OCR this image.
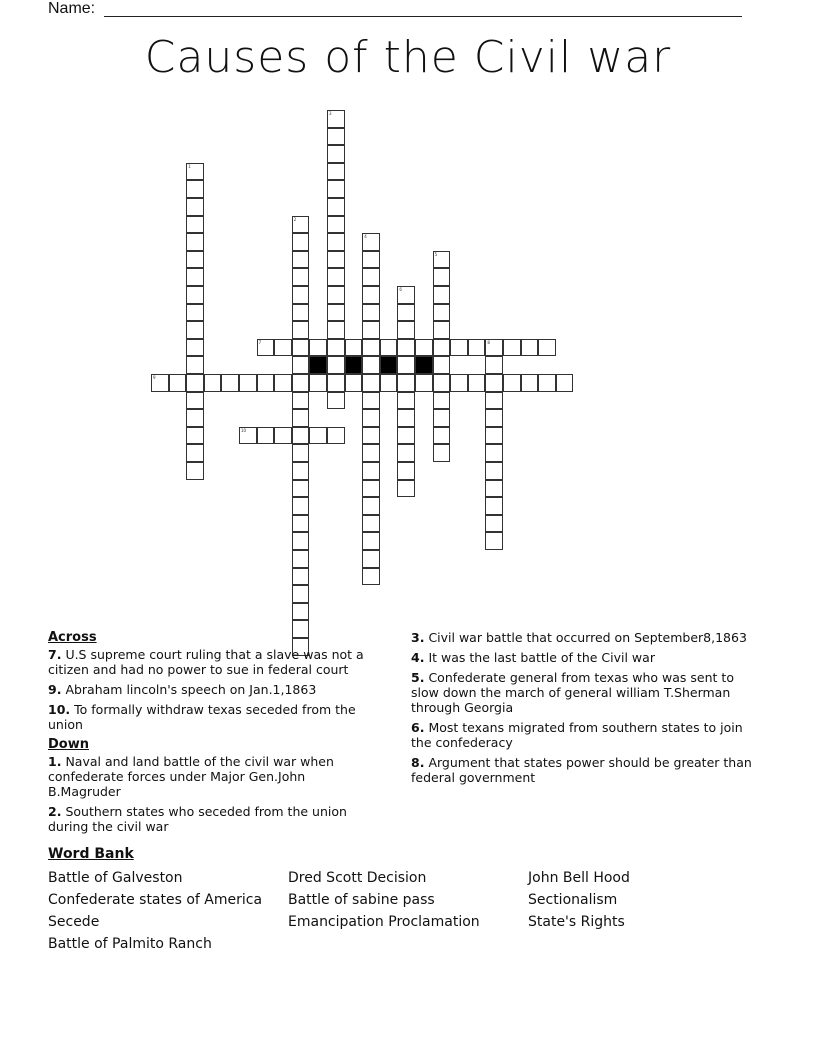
Name:
Causes of the Civil war
1
2
3
4
5
6
7	8
9
10
Across
7. U.S supreme court ruling that a slave was not a citizen and had no power to sue in federal court
9. Abraham lincoln's speech on Jan.1,1863
10. To formally withdraw texas seceded from the union
Down
1. Naval and land battle of the civil war when confederate forces under Major Gen.John B.Magruder
2. Southern states who seceded from the union during the civil war
3. Civil war battle that occurred on September8,1863
4. It was the last battle of the Civil war
5. Confederate general from texas who was sent to slow down the march of general william T.Sherman through Georgia
6. Most texans migrated from southern states to join the confederacy
8. Argument that states power should be greater than federal government
Word Bank
Battle of Galveston
Confederate states of America
Secede
Battle of Palmito Ranch
Dred Scott Decision
Battle of sabine pass
Emancipation Proclamation
John Bell Hood
Sectionalism
State's Rights
